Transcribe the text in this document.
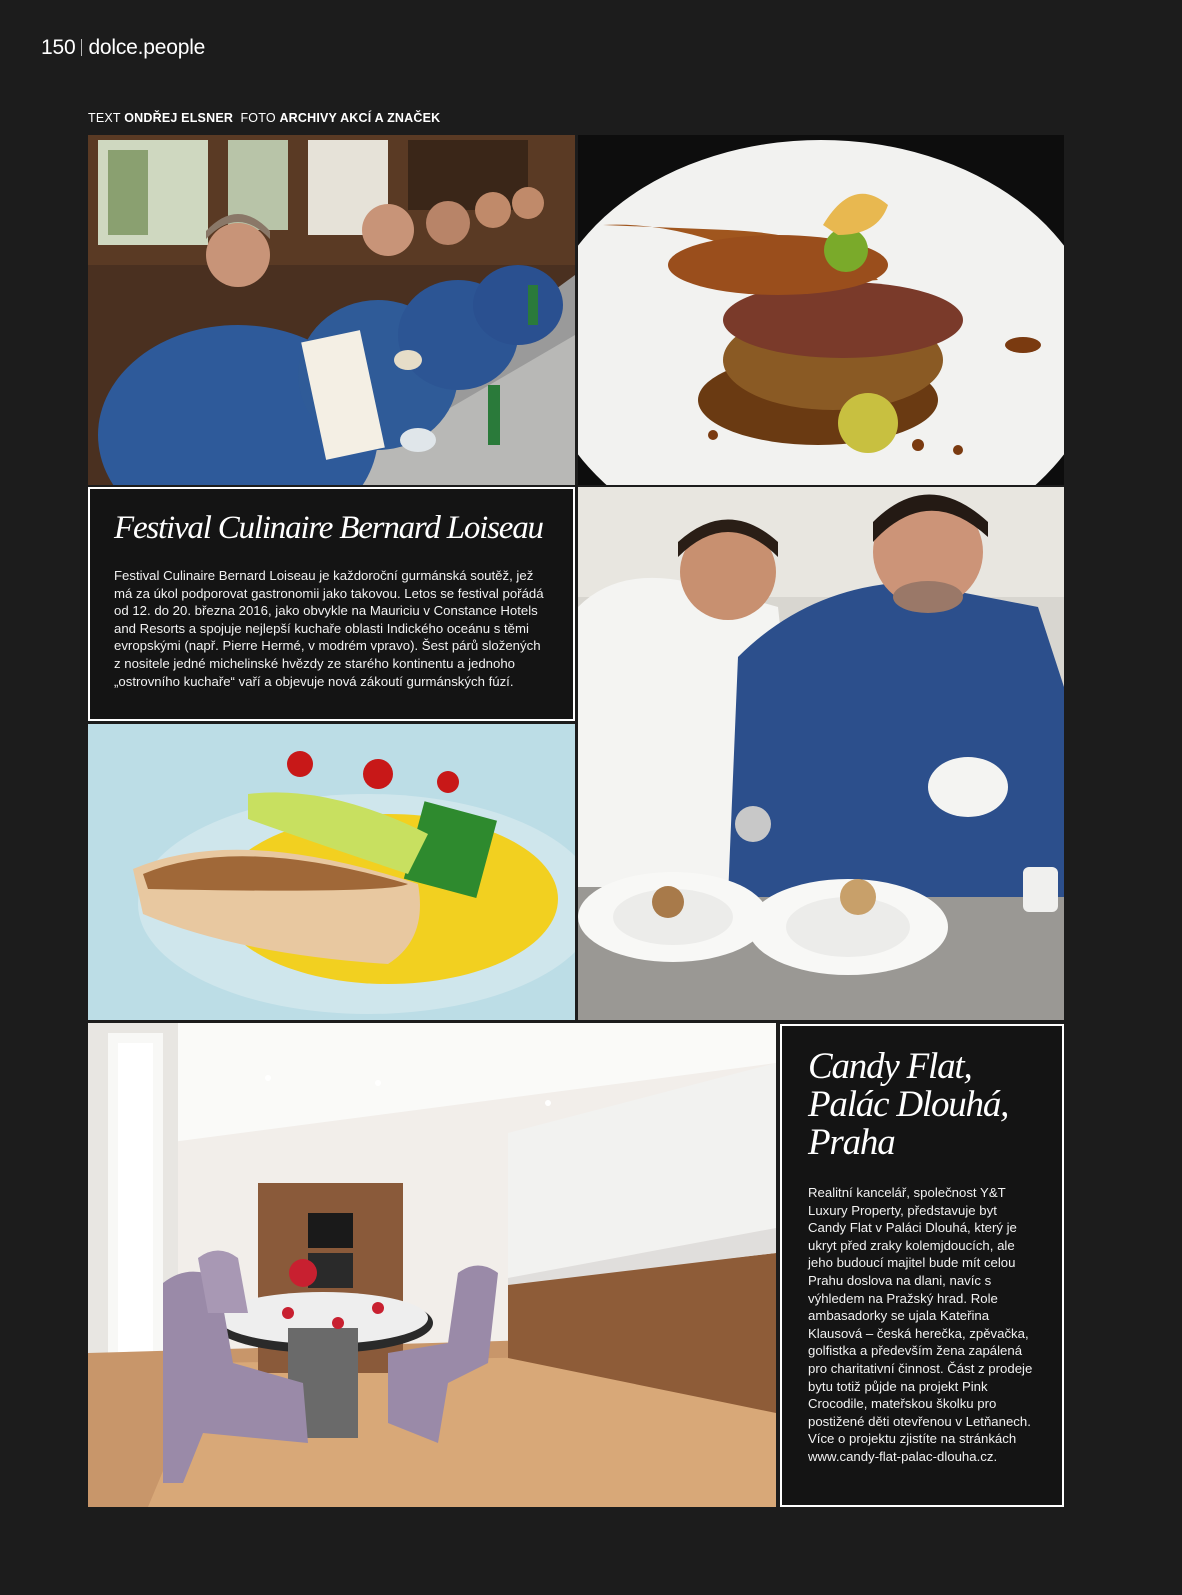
150 dolce.people
TEXT ONDŘEJ ELSNER FOTO ARCHIVY AKCÍ A ZNAČEK
Festival Culinaire Bernard Loiseau

Festival Culinaire Bernard Loiseau je každoroční gurmánská soutěž, jež má za úkol podporovat gastronomii jako takovou. Letos se festival pořádá od 12. do 20. března 2016, jako obvykle na Mauriciu v Constance Hotels and Resorts a spojuje nejlepší kuchaře oblasti Indického oceánu s těmi evropskými (např. Pierre Hermé, v modrém vpravo). Šest párů složených z nositele jedné michelinské hvězdy ze starého kontinentu a jednoho „ostrovního kuchaře“ vaří a objevuje nová zákoutí gurmánských fúzí.

Candy Flat,
Palác Dlouhá,
Praha

Realitní kancelář, společnost Y&T Luxury Property, představuje byt Candy Flat v Paláci Dlouhá, který je ukryt před zraky kolemjdoucích, ale jeho budoucí majitel bude mít celou Prahu doslova na dlani, navíc s výhledem na Pražský hrad. Role ambasadorky se ujala Kateřina Klausová – česká herečka, zpěvačka, golfistka a především žena zapálená pro charitativní činnost. Část z prodeje bytu totiž půjde na projekt Pink Crocodile, mateřskou školku pro postižené děti otevřenou v Letňanech. Více o projektu zjistíte na stránkách www.candy-flat-palac-dlouha.cz.
